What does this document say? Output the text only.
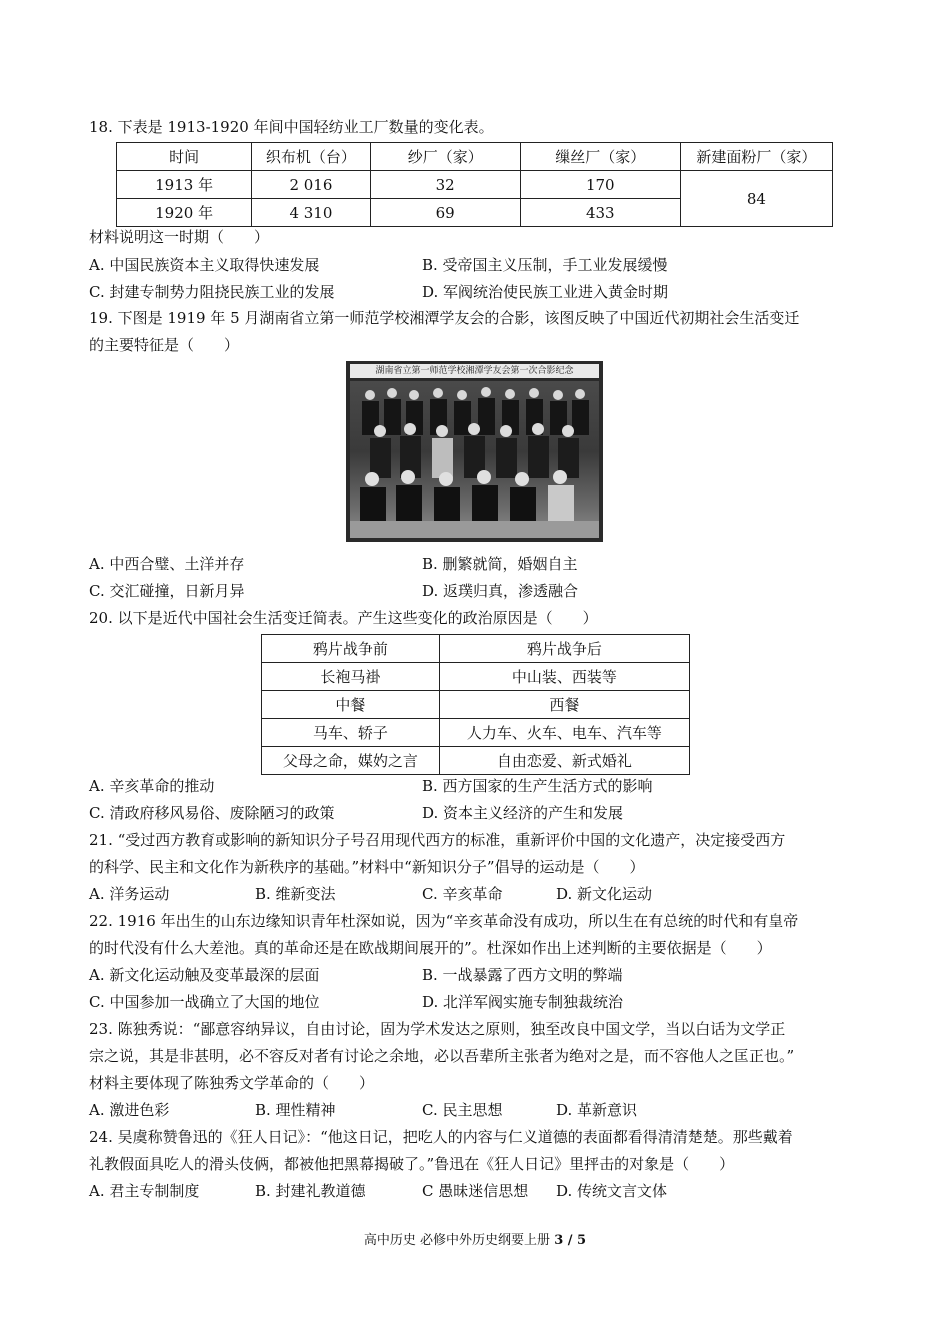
18. 下表是 1913-1920 年间中国轻纺业工厂数量的变化表。
时间	织布机（台）	纱厂（家）	缫丝厂（家）	新建面粉厂（家）
1913 年	2 016	32	170	84
1920 年	4 310	69	433	
材料说明这一时期（　　）
A. 中国民族资本主义取得快速发展	B. 受帝国主义压制，手工业发展缓慢
C. 封建专制势力阻挠民族工业的发展	D. 军阀统治使民族工业进入黄金时期
19. 下图是 1919 年 5 月湖南省立第一师范学校湘潭学友会的合影，该图反映了中国近代初期社会生活变迁
的主要特征是（　　）
湖南省立第一师范学校湘潭学友会第一次合影纪念
A. 中西合璧、土洋并存	B. 删繁就简，婚姻自主
C. 交汇碰撞，日新月异	D. 返璞归真，渗透融合
20. 以下是近代中国社会生活变迁简表。产生这些变化的政治原因是（　　）
鸦片战争前	鸦片战争后
长袍马褂	中山装、西装等
中餐	西餐
马车、轿子	人力车、火车、电车、汽车等
父母之命，媒妁之言	自由恋爱、新式婚礼
A. 辛亥革命的推动	B. 西方国家的生产生活方式的影响
C. 清政府移风易俗、废除陋习的政策	D. 资本主义经济的产生和发展
21. “受过西方教育或影响的新知识分子号召用现代西方的标准，重新评价中国的文化遗产，决定接受西方
的科学、民主和文化作为新秩序的基础。”材料中“新知识分子”倡导的运动是（　　）
A. 洋务运动	B. 维新变法	C. 辛亥革命	D. 新文化运动
22. 1916 年出生的山东边缘知识青年杜深如说，因为“辛亥革命没有成功，所以生在有总统的时代和有皇帝
的时代没有什么大差池。真的革命还是在欧战期间展开的”。杜深如作出上述判断的主要依据是（　　）
A. 新文化运动触及变革最深的层面	B. 一战暴露了西方文明的弊端
C. 中国参加一战确立了大国的地位	D. 北洋军阀实施专制独裁统治
23. 陈独秀说：“鄙意容纳异议，自由讨论，固为学术发达之原则，独至改良中国文学，当以白话为文学正
宗之说，其是非甚明，必不容反对者有讨论之余地，必以吾辈所主张者为绝对之是，而不容他人之匡正也。”
材料主要体现了陈独秀文学革命的（　　）
A. 激进色彩	B. 理性精神	C. 民主思想	D. 革新意识
24. 吴虞称赞鲁迅的《狂人日记》：“他这日记，把吃人的内容与仁义道德的表面都看得清清楚楚。那些戴着
礼教假面具吃人的滑头伎俩，都被他把黑幕揭破了。”鲁迅在《狂人日记》里抨击的对象是（　　）
A. 君主专制制度	B. 封建礼教道德	C 愚昧迷信思想 D. 传统文言文体
高中历史 必修中外历史纲要上册 3 / 5
